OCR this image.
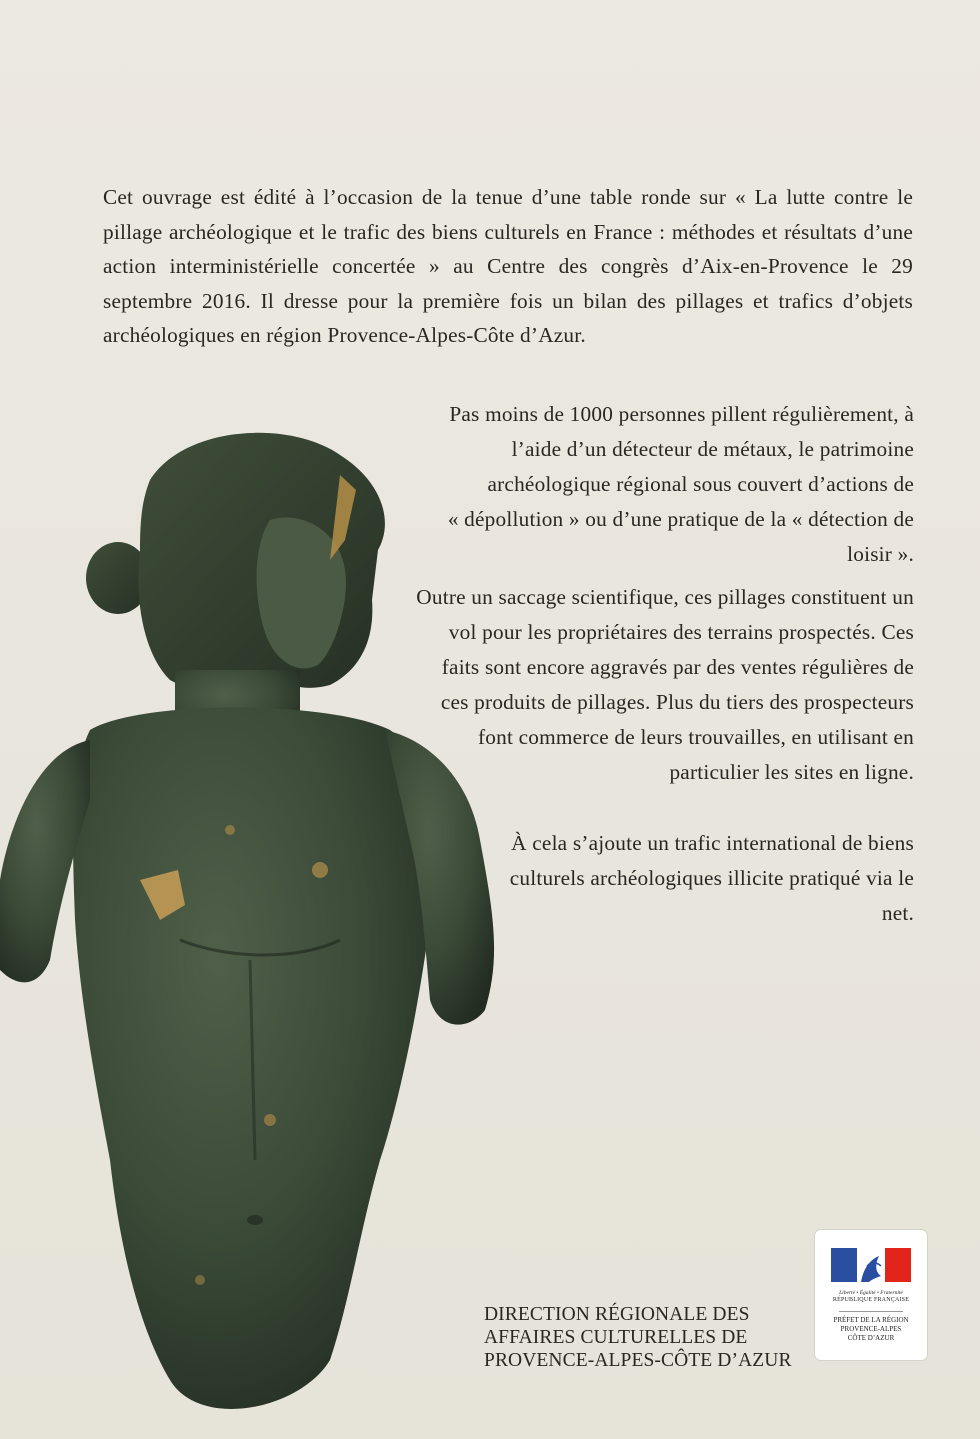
Cet ouvrage est édité à l’occasion de la tenue d’une table ronde sur « La lutte contre le pillage archéologique et le trafic des biens culturels en France : méthodes et résultats d’une action interministérielle concertée » au Centre des congrès d’Aix-en-Provence le 29 septembre 2016. Il dresse pour la première fois un bilan des pillages et trafics d’objets archéologiques en région Provence-Alpes-Côte d’Azur.

Pas moins de 1000 personnes pillent régulièrement, à l’aide d’un détecteur de métaux, le patrimoine archéologique régional sous couvert d’actions de « dépollution » ou d’une pratique de la « détection de loisir ».

Outre un saccage scientifique, ces pillages constituent un vol pour les propriétaires des terrains prospectés. Ces faits sont encore aggravés par des ventes régulières de ces produits de pillages. Plus du tiers des prospecteurs font commerce de leurs trouvailles, en utilisant en particulier les sites en ligne.

À cela s’ajoute un trafic international de biens culturels archéologiques illicite pratiqué via le net.

DIRECTION RÉGIONALE DES
AFFAIRES CULTURELLES DE
PROVENCE-ALPES-CÔTE D’AZUR
Liberté • Égalité • Fraternité
RÉPUBLIQUE FRANÇAISE
PRÉFET DE LA RÉGION
PROVENCE-ALPES
CÔTE D’AZUR
